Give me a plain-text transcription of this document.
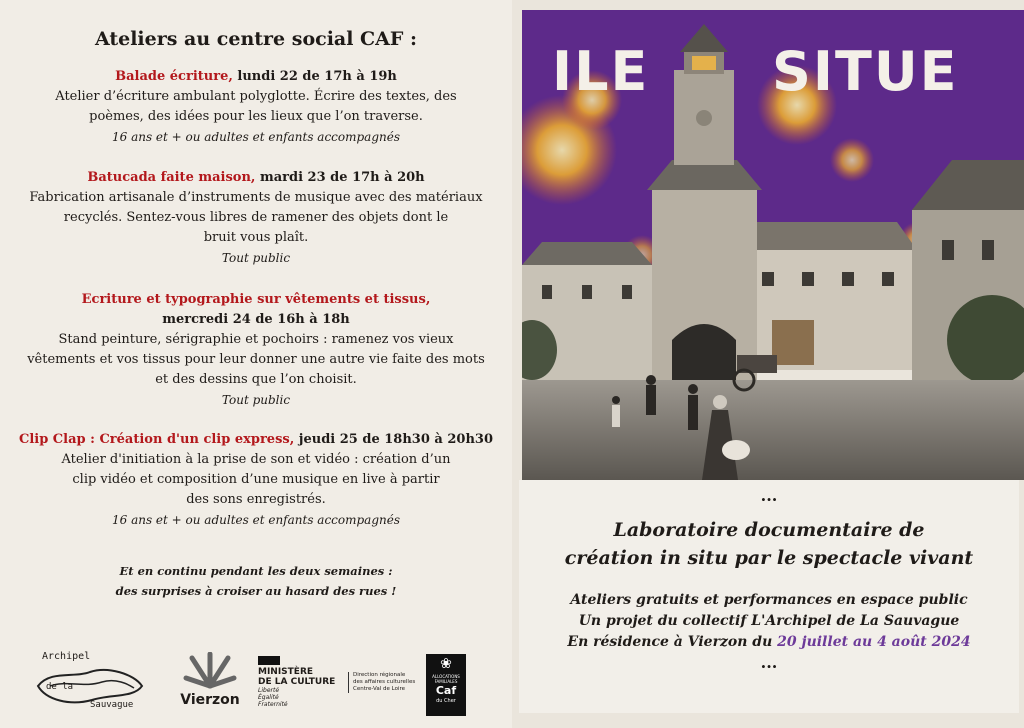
Ateliers au centre social CAF :
Balade écriture, lundi 22 de 17h à 19h
Atelier d’écriture ambulant polyglotte. Écrire des textes, des
poèmes, des idées pour les lieux que l’on traverse.
16 ans et + ou adultes et enfants accompagnés
Batucada faite maison, mardi 23 de 17h à 20h
Fabrication artisanale d’instruments de musique avec des matériaux
recyclés. Sentez-vous libres de ramener des objets dont le
bruit vous plaît.
Tout public
Ecriture et typographie sur vêtements et tissus,
mercredi 24 de 16h à 18h
Stand peinture, sérigraphie et pochoirs : ramenez vos vieux
vêtements et vos tissus pour leur donner une autre vie faite des mots
et des dessins que l’on choisit.
Tout public
Clip Clap : Création d'un clip express, jeudi 25 de 18h30 à 20h30
Atelier d'initiation à la prise de son et vidéo : création d’un
clip vidéo et composition d’une musique en live à partir
des sons enregistrés.
16 ans et + ou adultes et enfants accompagnés
Et en continu pendant les deux semaines :
des surprises à croiser au hasard des rues !
Archipel
de la
Sauvague	Vierzon
MINISTÈRE
DE LA CULTURE
Liberté
Égalité
Fraternité
Direction régionale
des affaires culturelles
Centre-Val de Loire
❀
ALLOCATIONS
FAMILIALES
Caf
du Cher
ILE SITUE
...
Laboratoire documentaire de
création in situ par le spectacle vivant
Ateliers gratuits et performances en espace public
Un projet du collectif L'Archipel de La Sauvague
En résidence à Vierzon du 20 juillet au 4 août 2024
...
